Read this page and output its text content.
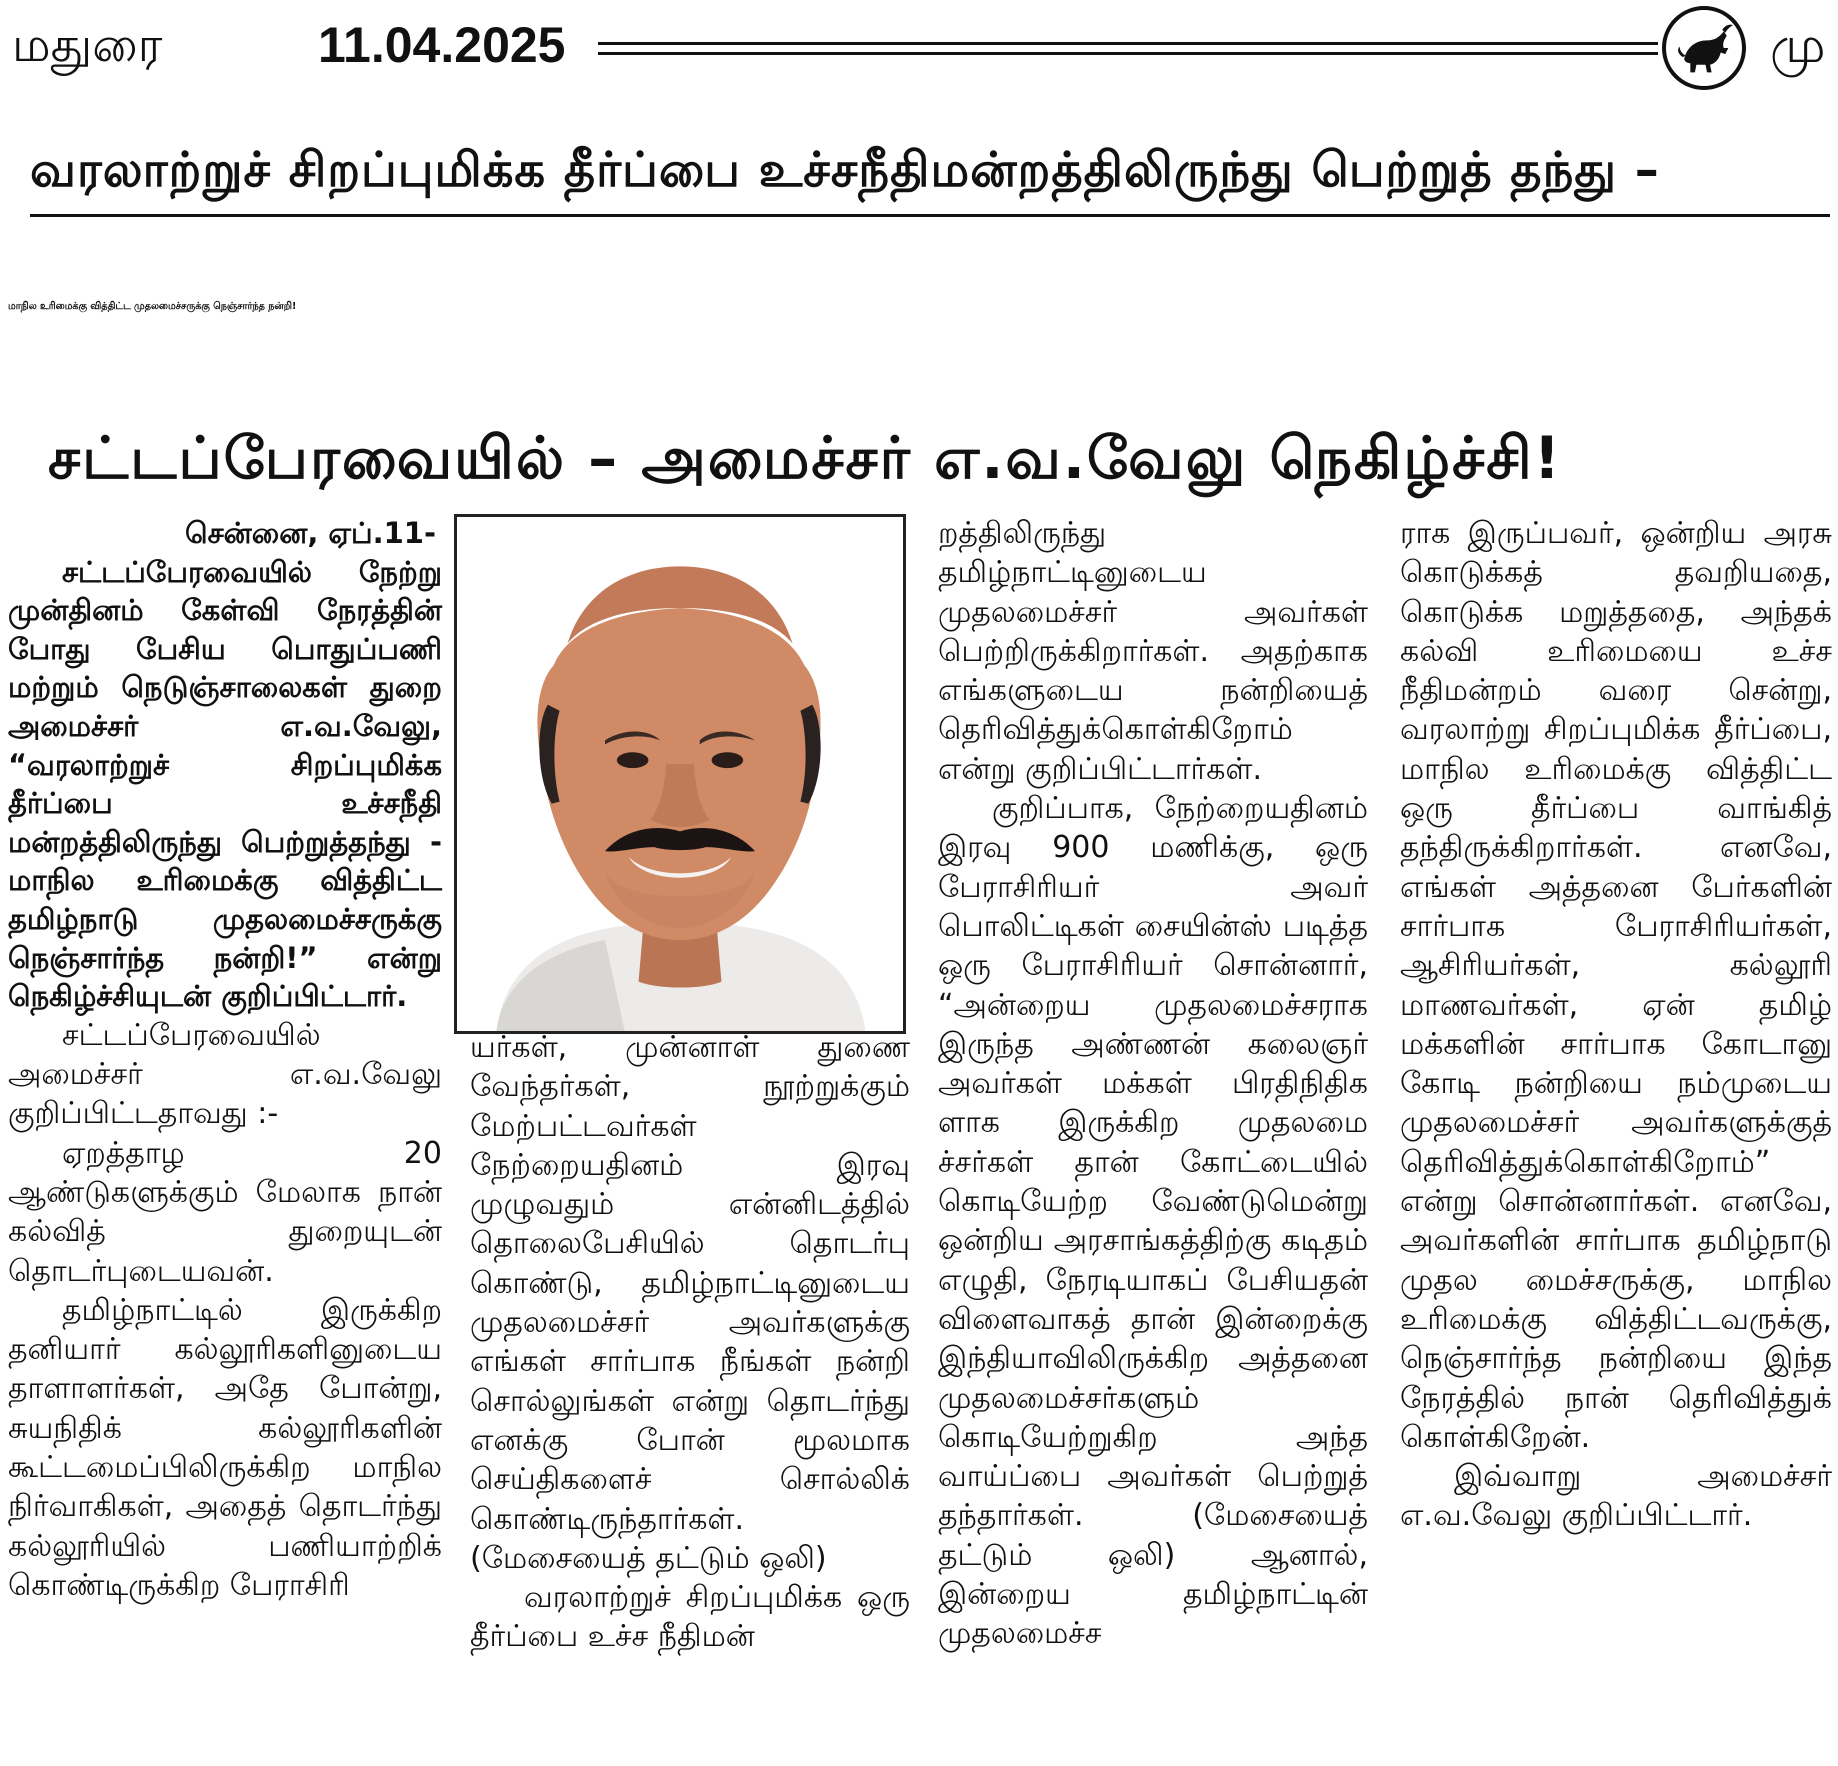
மதுரை	11.04.2025	மு
வரலாற்றுச் சிறப்புமிக்க தீர்ப்பை உச்சநீதிமன்றத்திலிருந்து பெற்றுத் தந்து –
மாநில உரிமைக்கு வித்திட்ட முதலமைச்சருக்கு நெஞ்சார்ந்த நன்றி!
சட்டப்பேரவையில் – அமைச்சர் எ.வ.வேலு நெகிழ்ச்சி!
சென்னை, ஏப்.11-

சட்டப்பேரவையில் நேற்று முன்தினம் கேள்வி நேரத்தின் போது பேசிய பொதுப்பணி மற்றும் நெடுஞ்சாலைகள் துறை அமைச்சர் எ.வ.வேலு, “வரலாற்றுச் சிறப்புமிக்க தீர்ப்பை உச்சநீதி மன்றத்திலிருந்து பெற்றுத்தந்து - மாநில உரிமைக்கு வித்திட்ட தமிழ்நாடு முதலமைச்சருக்கு நெஞ்சார்ந்த நன்றி!” என்று நெகிழ்ச்சியுடன் குறிப்பிட்டார்.

சட்டப்பேரவையில் அமைச்சர் எ.வ.வேலு குறிப்பிட்டதாவது :-

ஏறத்தாழ 20 ஆண்டுகளுக்கும் மேலாக நான் கல்வித் துறையுடன் தொடர்புடையவன்.

தமிழ்நாட்டில் இருக்கிற தனியார் கல்லூரிகளினுடைய தாளாளர்கள், அதே போன்று, சுயநிதிக் கல்லூரிகளின் கூட்டமைப்பிலிருக்கிற மாநில நிர்வாகிகள், அதைத் தொடர்ந்து கல்லூரியில் பணியாற்றிக் கொண்டிருக்கிற பேராசிரி

யர்கள், முன்னாள் துணை வேந்தர்கள், நூற்றுக்கும் மேற்பட்டவர்கள் நேற்றையதினம் இரவு முழுவதும் என்னிடத்தில் தொலைபேசியில் தொடர்பு கொண்டு, தமிழ்நாட்டினுடைய முதலமைச்சர் அவர்களுக்கு எங்கள் சார்பாக நீங்கள் நன்றி சொல்லுங்கள் என்று தொடர்ந்து எனக்கு போன் மூலமாக செய்திகளைச் சொல்லிக் கொண்டிருந்தார்கள். (மேசையைத் தட்டும் ஒலி)

வரலாற்றுச் சிறப்புமிக்க ஒரு தீர்ப்பை உச்ச நீதிமன்

றத்திலிருந்து தமிழ்நாட்டினுடைய முதலமைச்சர் அவர்கள் பெற்றிருக்கிறார்கள். அதற்காக எங்களுடைய நன்றியைத் தெரிவித்துக்கொள்கிறோம் என்று குறிப்பிட்டார்கள்.

குறிப்பாக, நேற்றையதினம் இரவு 900 மணிக்கு, ஒரு பேராசிரியர் அவர் பொலிட்டிகள் சையின்ஸ் படித்த ஒரு பேராசிரியர் சொன்னார், “அன்றைய முதலமைச்சராக இருந்த அண்ணன் கலைஞர் அவர்கள் மக்கள் பிரதிநிதிக ளாக இருக்கிற முதலமை ச்சர்கள் தான் கோட்டையில் கொடியேற்ற வேண்டுமென்று ஒன்றிய அரசாங்கத்திற்கு கடிதம் எழுதி, நேரடியாகப் பேசியதன் விளைவாகத் தான் இன்றைக்கு இந்தியாவிலிருக்கிற அத்தனை முதலமைச்சர்களும் கொடியேற்றுகிற அந்த வாய்ப்பை அவர்கள் பெற்றுத் தந்தார்கள். (மேசையைத் தட்டும் ஒலி) ஆனால், இன்றைய தமிழ்நாட்டின் முதலமைச்ச

ராக இருப்பவர், ஒன்றிய அரசு கொடுக்கத் தவறியதை, கொடுக்க மறுத்ததை, அந்தக் கல்வி உரிமையை உச்ச நீதிமன்றம் வரை சென்று, வரலாற்று சிறப்புமிக்க தீர்ப்பை, மாநில உரிமைக்கு வித்திட்ட ஒரு தீர்ப்பை வாங்கித் தந்திருக்கிறார்கள். எனவே, எங்கள் அத்தனை பேர்களின் சார்பாக பேராசிரியர்கள், ஆசிரியர்கள், கல்லூரி மாணவர்கள், ஏன் தமிழ் மக்களின் சார்பாக கோடானு கோடி நன்றியை நம்முடைய முதலமைச்சர் அவர்களுக்குத் தெரிவித்துக்கொள்கிறோம்” என்று சொன்னார்கள். எனவே, அவர்களின் சார்பாக தமிழ்நாடு முதல மைச்சருக்கு, மாநில உரிமைக்கு வித்திட்டவருக்கு, நெஞ்சார்ந்த நன்றியை இந்த நேரத்தில் நான் தெரிவித்துக் கொள்கிறேன்.

இவ்வாறு அமைச்சர் எ.வ.வேலு குறிப்பிட்டார்.
